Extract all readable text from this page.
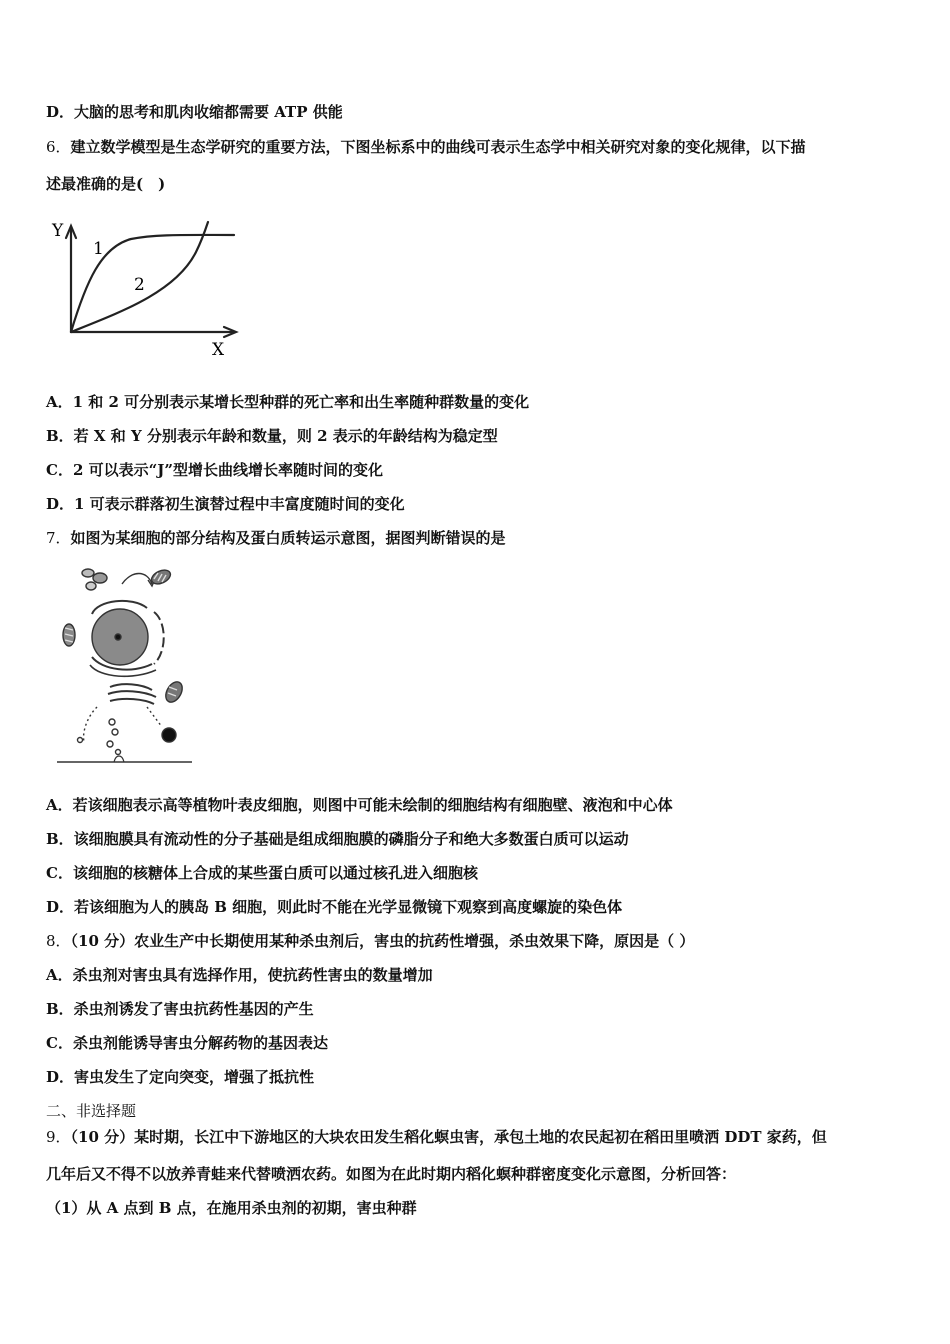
D．大脑的思考和肌肉收缩都需要 ATP 供能
6．建立数学模型是生态学研究的重要方法，下图坐标系中的曲线可表示生态学中相关研究对象的变化规律，以下描
述最准确的是(　)
Y
X
1
2
A．1 和 2 可分别表示某增长型种群的死亡率和出生率随种群数量的变化
B．若 X 和 Y 分别表示年龄和数量，则 2 表示的年龄结构为稳定型
C．2 可以表示“J”型增长曲线增长率随时间的变化
D．1 可表示群落初生演替过程中丰富度随时间的变化
7．如图为某细胞的部分结构及蛋白质转运示意图，据图判断错误的是
A．若该细胞表示高等植物叶表皮细胞，则图中可能未绘制的细胞结构有细胞壁、液泡和中心体
B．该细胞膜具有流动性的分子基础是组成细胞膜的磷脂分子和绝大多数蛋白质可以运动
C．该细胞的核糖体上合成的某些蛋白质可以通过核孔进入细胞核
D．若该细胞为人的胰岛 B 细胞，则此时不能在光学显微镜下观察到高度螺旋的染色体
8．（10 分）农业生产中长期使用某种杀虫剂后，害虫的抗药性增强，杀虫效果下降，原因是（ ）
A．杀虫剂对害虫具有选择作用，使抗药性害虫的数量增加
B．杀虫剂诱发了害虫抗药性基因的产生
C．杀虫剂能诱导害虫分解药物的基因表达
D．害虫发生了定向突变，增强了抵抗性
二、非选择题
9．（10 分）某时期，长江中下游地区的大块农田发生稻化螟虫害，承包土地的农民起初在稻田里喷洒 DDT 家药，但
几年后又不得不以放养青蛙来代替喷洒农药。如图为在此时期内稻化螟种群密度变化示意图，分析回答：
（1）从 A 点到 B 点，在施用杀虫剂的初期，害虫种群
